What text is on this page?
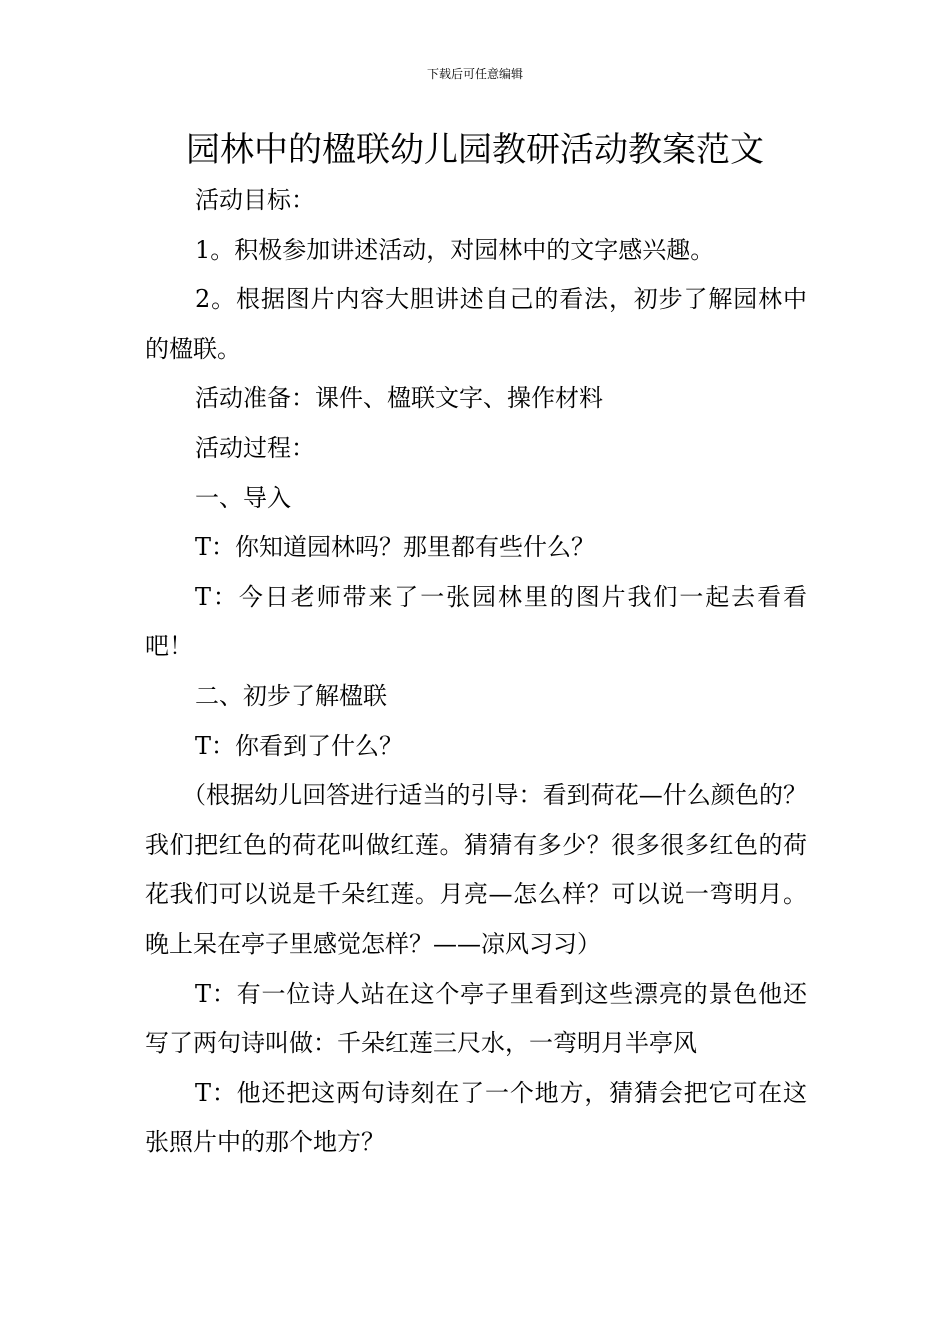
下载后可任意编辑
园林中的楹联幼儿园教研活动教案范文

活动目标：

1。积极参加讲述活动，对园林中的文字感兴趣。

2。根据图片内容大胆讲述自己的看法，初步了解园林中的楹联。

活动准备：课件、楹联文字、操作材料

活动过程：

一、导入

T：你知道园林吗？那里都有些什么？

T：今日老师带来了一张园林里的图片我们一起去看看吧！

二、初步了解楹联

T：你看到了什么？

（根据幼儿回答进行适当的引导：看到荷花—什么颜色的？我们把红色的荷花叫做红莲。猜猜有多少？很多很多红色的荷花我们可以说是千朵红莲。月亮—怎么样？可以说一弯明月。晚上呆在亭子里感觉怎样？——凉风习习）

T：有一位诗人站在这个亭子里看到这些漂亮的景色他还写了两句诗叫做：千朵红莲三尺水，一弯明月半亭风

T：他还把这两句诗刻在了一个地方，猜猜会把它可在这张照片中的那个地方？
